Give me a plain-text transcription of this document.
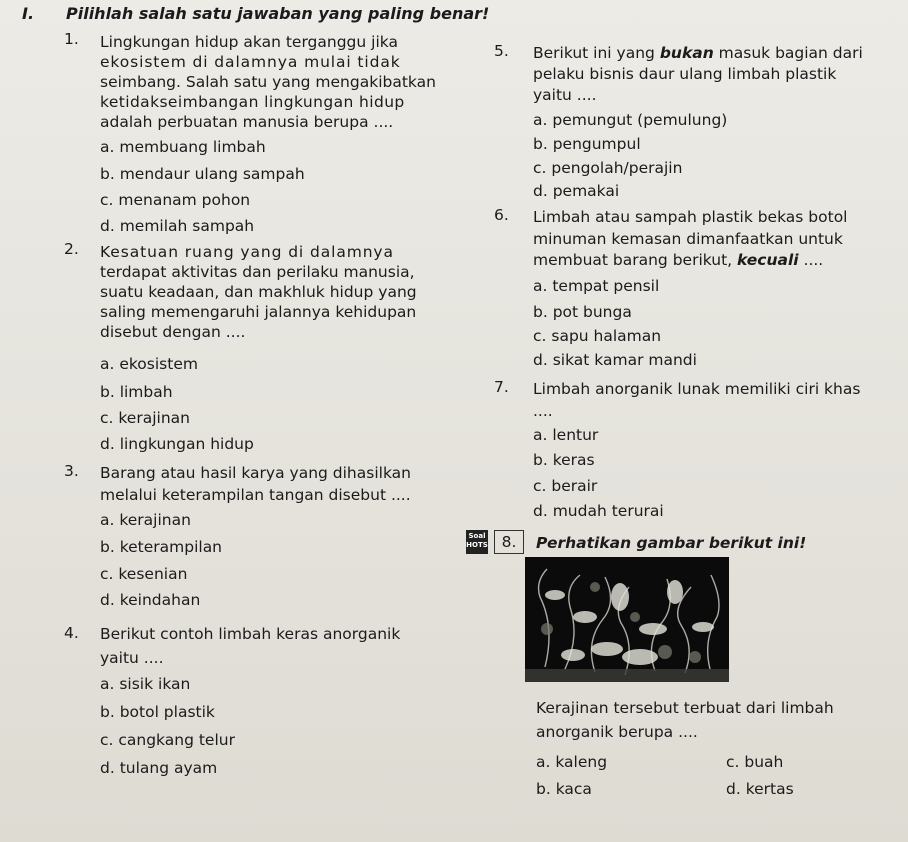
I. Pilihlah salah satu jawaban yang paling benar!
1. Lingkungan hidup akan terganggu jika
ekosistem di dalamnya mulai tidak
seimbang. Salah satu yang mengakibatkan
ketidakseimbangan lingkungan hidup
adalah perbuatan manusia berupa ....
a. membuang limbah
b. mendaur ulang sampah
c. menanam pohon
d. memilah sampah
2. Kesatuan ruang yang di dalamnya
terdapat aktivitas dan perilaku manusia,
suatu keadaan, dan makhluk hidup yang
saling memengaruhi jalannya kehidupan
disebut dengan ....
a. ekosistem
b. limbah
c. kerajinan
d. lingkungan hidup
3. Barang atau hasil karya yang dihasilkan
melalui keterampilan tangan disebut ....
a. kerajinan
b. keterampilan
c. kesenian
d. keindahan
4. Berikut contoh limbah keras anorganik
yaitu ....
a. sisik ikan
b. botol plastik
c. cangkang telur
d. tulang ayam
5. Berikut ini yang bukan masuk bagian dari
pelaku bisnis daur ulang limbah plastik
yaitu ....
a. pemungut (pemulung)
b. pengumpul
c. pengolah/perajin
d. pemakai
6. Limbah atau sampah plastik bekas botol
minuman kemasan dimanfaatkan untuk
membuat barang berikut, kecuali ....
a. tempat pensil
b. pot bunga
c. sapu halaman
d. sikat kamar mandi
7. Limbah anorganik lunak memiliki ciri khas
....
a. lentur
b. keras
c. berair
d. mudah terurai
Soal HOTS 8.	Perhatikan gambar berikut ini!
Kerajinan tersebut terbuat dari limbah
anorganik berupa ....
a. kaleng	c. buah
b. kaca	d. kertas
